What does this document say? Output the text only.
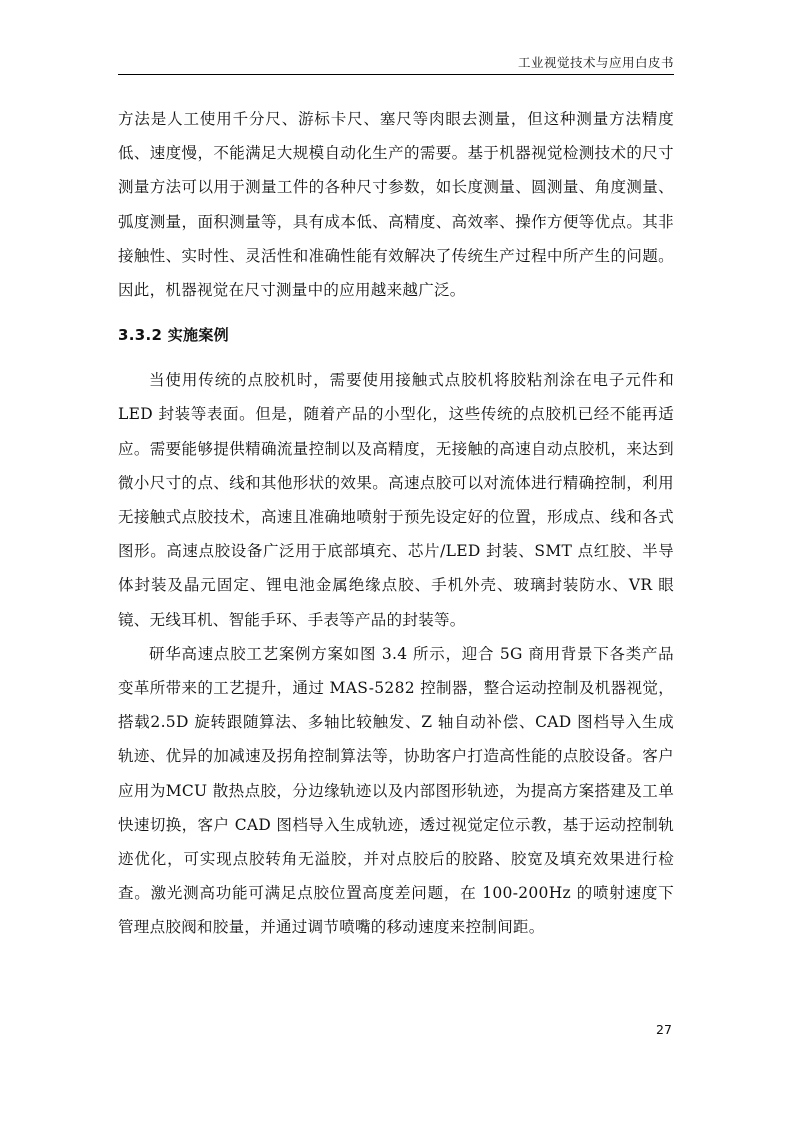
工业视觉技术与应用白皮书

方法是人工使用千分尺、游标卡尺、塞尺等肉眼去测量，但这种测量方法精度低、速度慢，不能满足大规模自动化生产的需要。基于机器视觉检测技术的尺寸测量方法可以用于测量工件的各种尺寸参数，如长度测量、圆测量、角度测量、弧度测量，面积测量等，具有成本低、高精度、高效率、操作方便等优点。其非接触性、实时性、灵活性和准确性能有效解决了传统生产过程中所产生的问题。因此，机器视觉在尺寸测量中的应用越来越广泛。

3.3.2 实施案例

当使用传统的点胶机时，需要使用接触式点胶机将胶粘剂涂在电子元件和LED 封装等表面。但是，随着产品的小型化，这些传统的点胶机已经不能再适应。需要能够提供精确流量控制以及高精度，无接触的高速自动点胶机，来达到微小尺寸的点、线和其他形状的效果。高速点胶可以对流体进行精确控制，利用无接触式点胶技术，高速且准确地喷射于预先设定好的位置，形成点、线和各式图形。高速点胶设备广泛用于底部填充、芯片/LED 封装、SMT 点红胶、半导体封装及晶元固定、锂电池金属绝缘点胶、手机外壳、玻璃封装防水、VR 眼镜、无线耳机、智能手环、手表等产品的封装等。

研华高速点胶工艺案例方案如图 3.4 所示，迎合 5G 商用背景下各类产品变革所带来的工艺提升，通过 MAS-5282 控制器，整合运动控制及机器视觉，搭载2.5D 旋转跟随算法、多轴比较触发、Z 轴自动补偿、CAD 图档导入生成轨迹、优异的加减速及拐角控制算法等，协助客户打造高性能的点胶设备。客户应用为MCU 散热点胶，分边缘轨迹以及内部图形轨迹，为提高方案搭建及工单快速切换，客户 CAD 图档导入生成轨迹，透过视觉定位示教，基于运动控制轨迹优化，可实现点胶转角无溢胶，并对点胶后的胶路、胶宽及填充效果进行检查。激光测高功能可满足点胶位置高度差问题，在 100-200Hz 的喷射速度下管理点胶阀和胶量，并通过调节喷嘴的移动速度来控制间距。

27
